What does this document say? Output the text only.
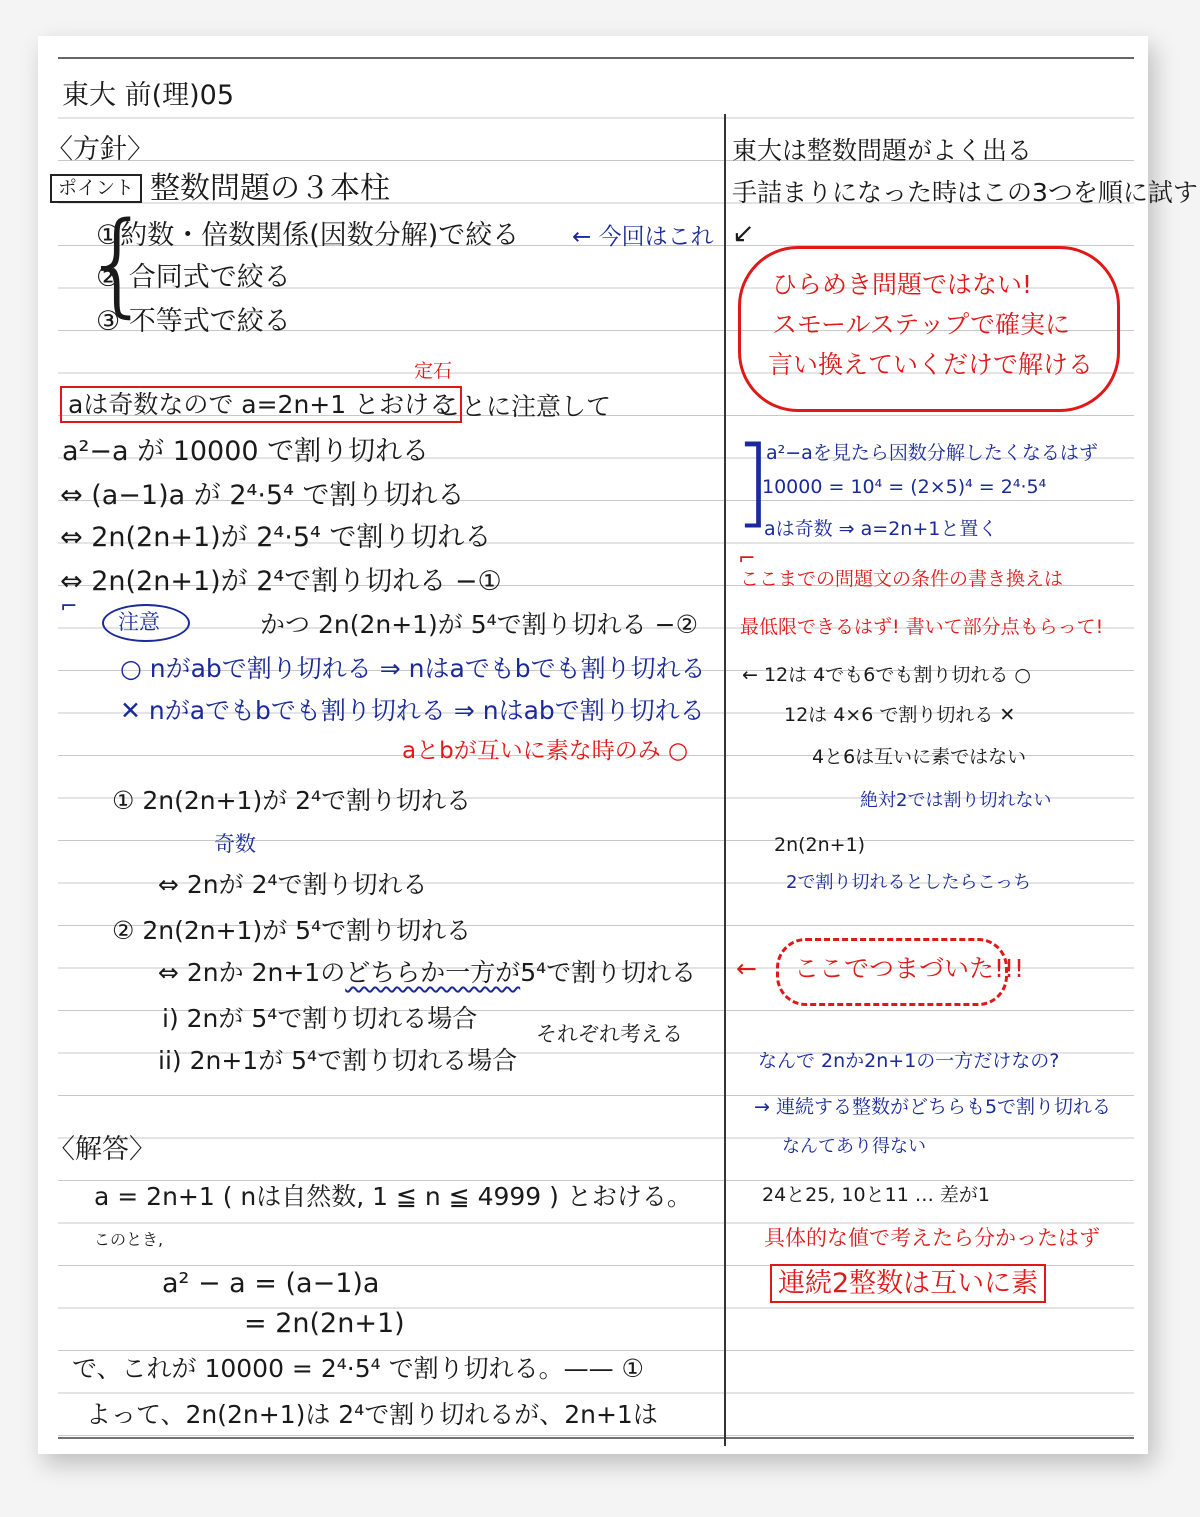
東大 前(理)05
〈方針〉
ポイント 整数問題の３本柱
{
①約数・倍数関係(因数分解)で絞る ← 今回はこれ
② 合同式で絞る
③ 不等式で絞る
定石
aは奇数なので a=2n+1 とおける
ことに注意して
a²−a が 10000 で割り切れる
⇔ (a−1)a が 2⁴·5⁴ で割り切れる
⇔ 2n(2n+1)が 2⁴·5⁴ で割り切れる
⇔ 2n(2n+1)が 2⁴で割り切れる −①
⌐
注意	かつ 2n(2n+1)が 5⁴で割り切れる −②
○ nがabで割り切れる ⇒ nはaでもbでも割り切れる
✕ nがaでもbでも割り切れる ⇒ nはabで割り切れる
aとbが互いに素な時のみ ○
① 2n(2n+1)が 2⁴で割り切れる
奇数
⇔ 2nが 2⁴で割り切れる
② 2n(2n+1)が 5⁴で割り切れる
⇔ 2nか 2n+1のどちらか一方が5⁴で割り切れる
i) 2nが 5⁴で割り切れる場合
ii) 2n+1が 5⁴で割り切れる場合
それぞれ考える
〈解答〉
a = 2n+1 ( nは自然数, 1 ≦ n ≦ 4999 ) とおける。
このとき,
a² − a = (a−1)a
= 2n(2n+1)
で、これが 10000 = 2⁴·5⁴ で割り切れる。—— ①
よって、2n(2n+1)は 2⁴で割り切れるが、2n+1は
東大は整数問題がよく出る
手詰まりになった時はこの3つを順に試す
↙
ひらめき問題ではない!
スモールステップで確実に
言い換えていくだけで解ける
]
a²−aを見たら因数分解したくなるはず
10000 = 10⁴ = (2×5)⁴ = 2⁴·5⁴
aは奇数 ⇒ a=2n+1と置く
⌐
ここまでの問題文の条件の書き換えは
最低限できるはず! 書いて部分点もらって!
← 12は 4でも6でも割り切れる ○
12は 4×6 で割り切れる ✕
4と6は互いに素ではない
絶対2では割り切れない
2n(2n+1)
2で割り切れるとしたらこっち
← ここでつまづいた!!!
なんで 2nか2n+1の一方だけなの?
→ 連続する整数がどちらも5で割り切れる
なんてあり得ない
24と25, 10と11 … 差が1
具体的な値で考えたら分かったはず
連続2整数は互いに素
